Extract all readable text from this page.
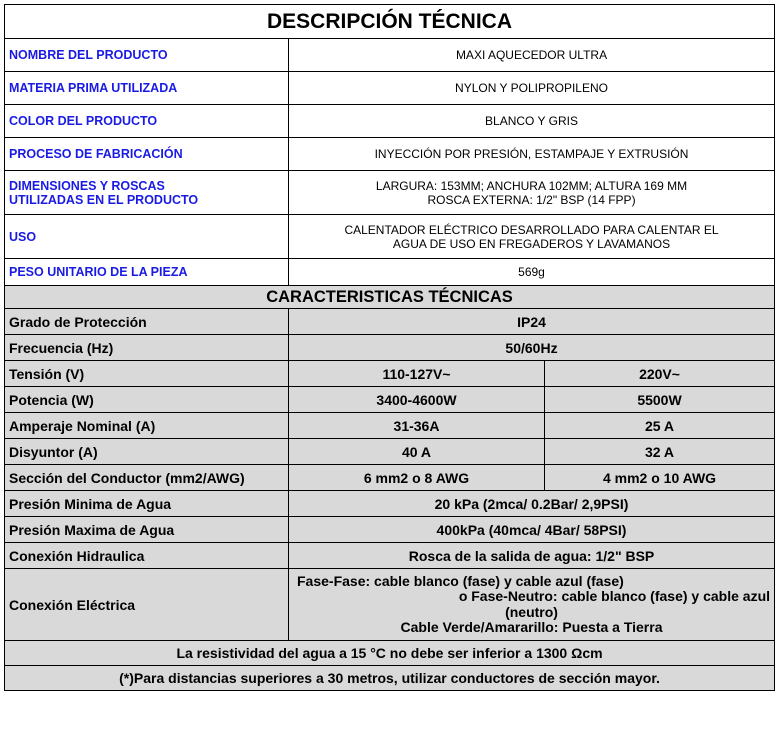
DESCRIPCIÓN TÉCNICA		
NOMBRE DEL PRODUCTO	MAXI AQUECEDOR ULTRA	
MATERIA PRIMA UTILIZADA	NYLON Y POLIPROPILENO	
COLOR DEL PRODUCTO	BLANCO Y GRIS	
PROCESO DE FABRICACIÓN	INYECCIÓN POR PRESIÓN, ESTAMPAJE Y EXTRUSIÓN	
DIMENSIONES Y ROSCAS
UTILIZADAS EN EL PRODUCTO	LARGURA: 153MM; ANCHURA 102MM; ALTURA 169 MM
ROSCA EXTERNA: 1/2" BSP (14 FPP)	
USO	CALENTADOR ELÉCTRICO DESARROLLADO PARA CALENTAR EL
AGUA DE USO EN FREGADEROS Y LAVAMANOS	
PESO UNITARIO DE LA PIEZA	569g	
CARACTERISTICAS TÉCNICAS		
Grado de Protección	IP24	
Frecuencia (Hz)	50/60Hz	
Tensión (V)	110-127V~	220V~
Potencia (W)	3400-4600W	5500W
Amperaje Nominal (A)	31-36A	25 A
Disyuntor (A)	40 A	32 A
Sección del Conductor (mm2/AWG)	6 mm2 o 8 AWG	4 mm2 o 10 AWG
Presión Minima de Agua	20 kPa (2mca/ 0.2Bar/ 2,9PSI)	
Presión Maxima de Agua	400kPa (40mca/ 4Bar/ 58PSI)	
Conexión Hidraulica	Rosca de la salida de agua: 1/2" BSP	
Conexión Eléctrica	Fase-Fase: cable blanco (fase) y cable azul (fase)
o Fase-Neutro: cable blanco (fase) y cable azul
(neutro)
Cable Verde/Amararillo: Puesta a Tierra	

La resistividad del agua a 15 °C no debe ser inferior a 1300 Ωcm		
(*)Para distancias superiores a 30 metros, utilizar conductores de sección mayor.		
